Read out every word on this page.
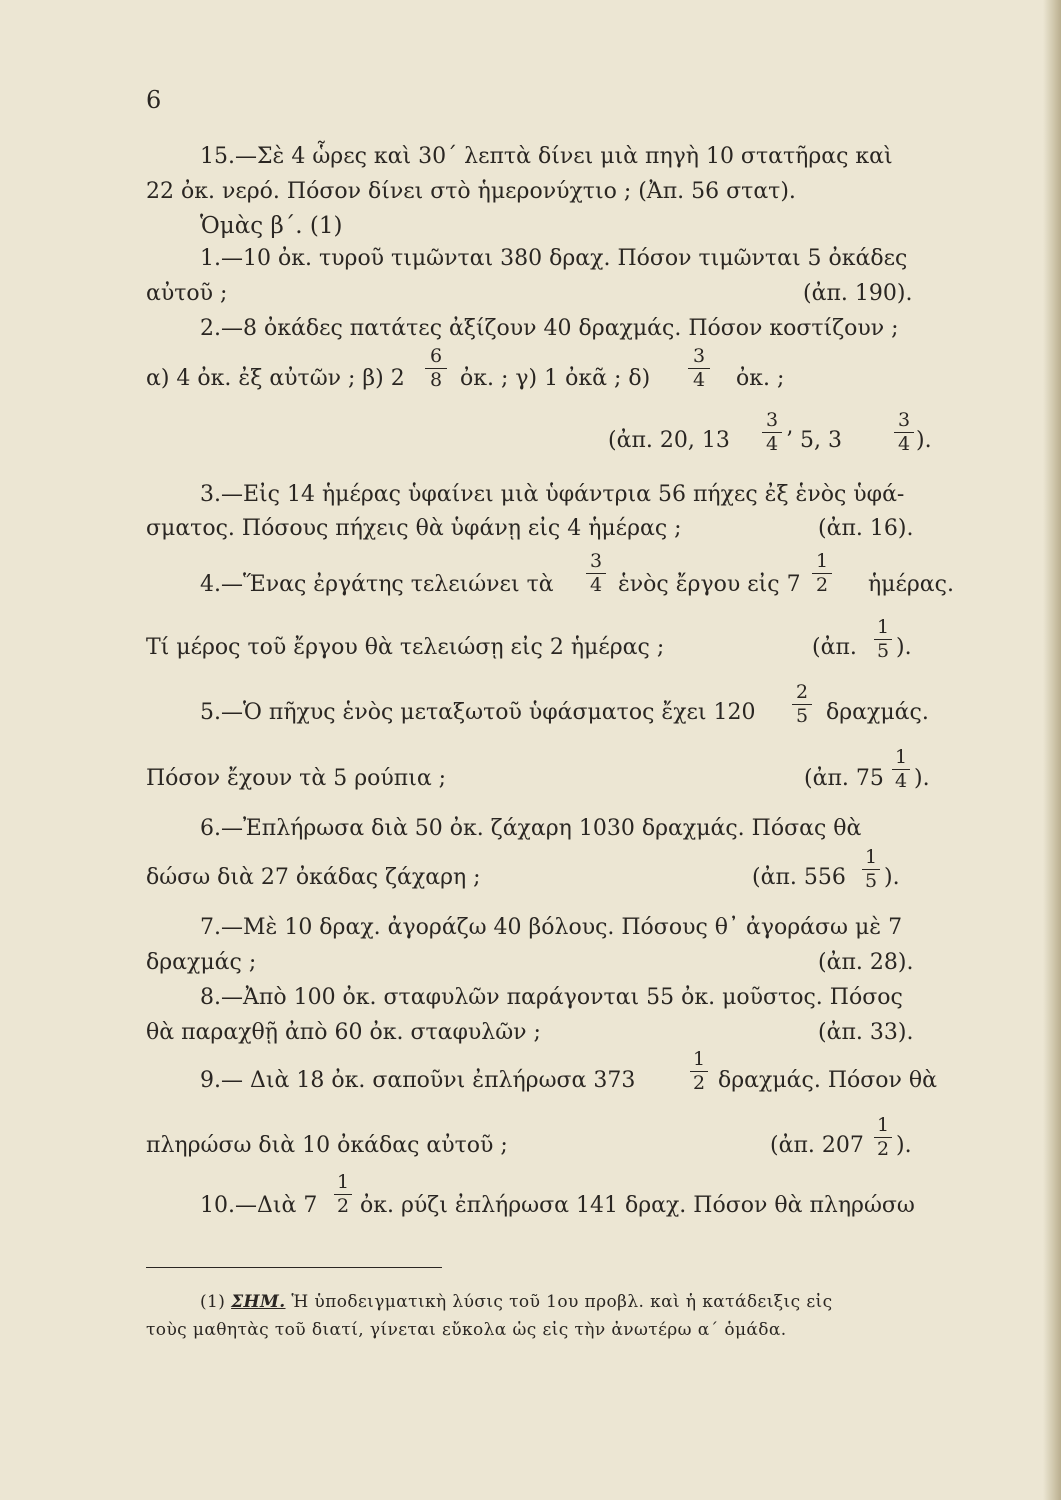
6
15.—Σὲ 4 ὧρες καὶ 30΄ λεπτὰ δίνει μιὰ πηγὴ 10 στατῆρας καὶ
22 ὀκ. νερό. Πόσον δίνει στὸ ἡμερονύχτιο ; (Ἀπ. 56 στατ).
Ὁμὰς β΄. (1)
1.—10 ὀκ. τυροῦ τιμῶνται 380 δραχ. Πόσον τιμῶνται 5 ὀκάδες
αὐτοῦ ;	(ἀπ. 190).
2.—8 ὀκάδες πατάτες ἀξίζουν 40 δραχμάς. Πόσον κοστίζουν ;
α) 4 ὀκ. ἐξ αὐτῶν ; β) 2
6
8 ὀκ. ; γ) 1 ὀκᾶ ; δ)
3
4 ὀκ. ;
(ἀπ. 20, 13
3
4 ’ 5, 3
3
4 ).
3.—Εἰς 14 ἡμέρας ὑφαίνει μιὰ ὑφάντρια 56 πήχες ἐξ ἑνὸς ὑφά-
σματος. Πόσους πήχεις θὰ ὑφάνῃ εἰς 4 ἡμέρας ;	(ἀπ. 16).
4.—Ἕνας ἐργάτης τελειώνει τὰ
3
4 ἑνὸς ἔργου εἰς 7
1
2 ἡμέρας.
Τί μέρος τοῦ ἔργου θὰ τελειώσῃ εἰς 2 ἡμέρας ;	(ἀπ.
1
5 ).
5.—Ὁ πῆχυς ἑνὸς μεταξωτοῦ ὑφάσματος ἔχει 120
2
5 δραχμάς.
Πόσον ἔχουν τὰ 5 ρούπια ;	(ἀπ. 75
1
4 ).
6.—Ἐπλήρωσα διὰ 50 ὀκ. ζάχαρη 1030 δραχμάς. Πόσας θὰ
δώσω διὰ 27 ὀκάδας ζάχαρη ;	(ἀπ. 556
1
5 ).
7.—Μὲ 10 δραχ. ἀγοράζω 40 βόλους. Πόσους θ᾽ ἀγοράσω μὲ 7
δραχμάς ;	(ἀπ. 28).
8.—Ἀπὸ 100 ὀκ. σταφυλῶν παράγονται 55 ὀκ. μοῦστος. Πόσος
θὰ παραχθῇ ἀπὸ 60 ὀκ. σταφυλῶν ;	(ἀπ. 33).
9.— Διὰ 18 ὀκ. σαποῦνι ἐπλήρωσα 373
1
2 δραχμάς. Πόσον θὰ
πληρώσω διὰ 10 ὀκάδας αὐτοῦ ;	(ἀπ. 207
1
2 ).
10.—Διὰ 7
1
2 ὀκ. ρύζι ἐπλήρωσα 141 δραχ. Πόσον θὰ πληρώσω
(1) ΣΗΜ. Ἡ ὑποδειγματικὴ λύσις τοῦ 1ου προβλ. καὶ ἡ κατάδειξις εἰς
τοὺς μαθητὰς τοῦ διατί, γίνεται εὔκολα ὡς εἰς τὴν ἀνωτέρω α΄ ὁμάδα.
